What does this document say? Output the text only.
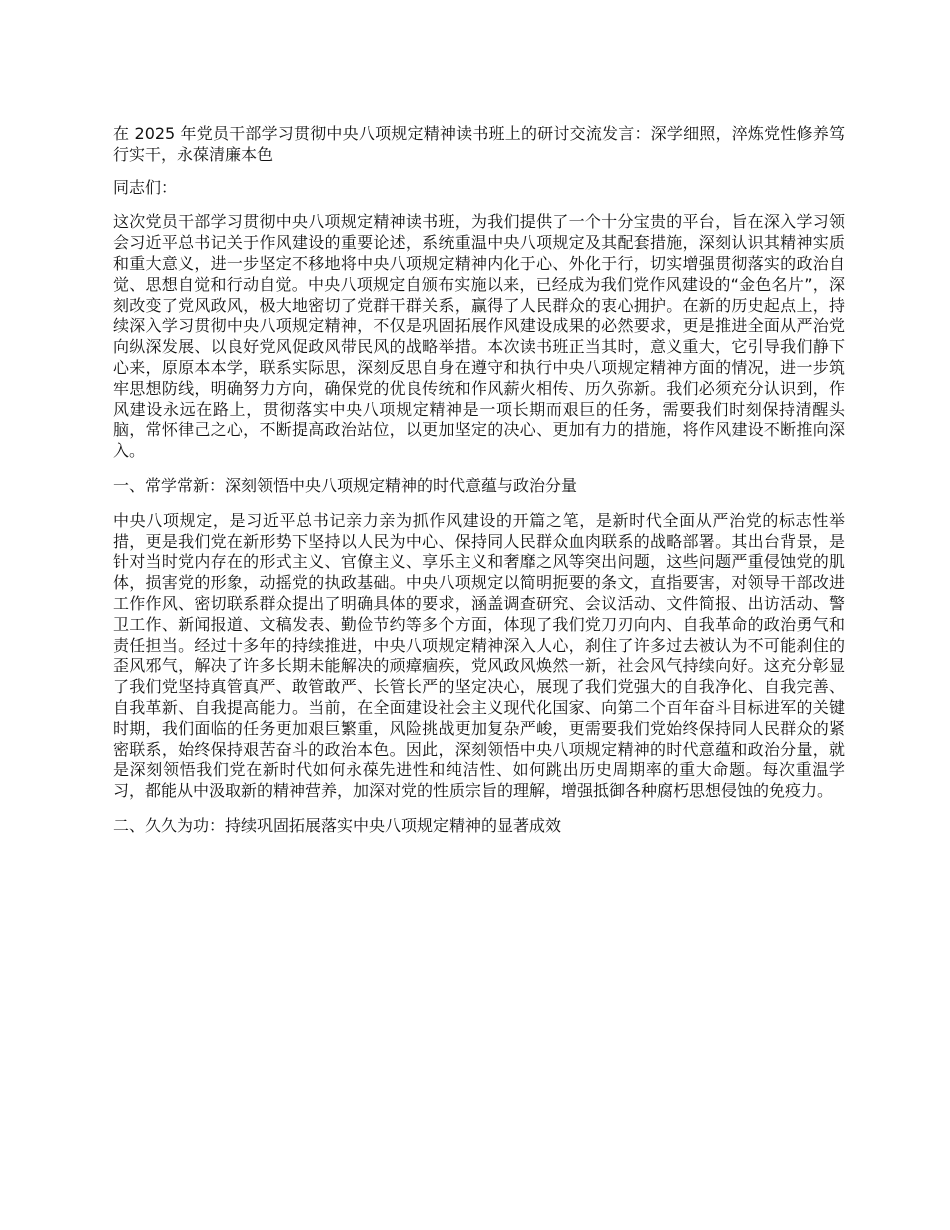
在 2025 年党员干部学习贯彻中央八项规定精神读书班上的研讨交流发言：深学细照，淬炼党性修养笃行实干，永葆清廉本色

同志们：

这次党员干部学习贯彻中央八项规定精神读书班，为我们提供了一个十分宝贵的平台，旨在深入学习领会习近平总书记关于作风建设的重要论述，系统重温中央八项规定及其配套措施，深刻认识其精神实质和重大意义，进一步坚定不移地将中央八项规定精神内化于心、外化于行，切实增强贯彻落实的政治自觉、思想自觉和行动自觉。中央八项规定自颁布实施以来，已经成为我们党作风建设的“金色名片”，深刻改变了党风政风，极大地密切了党群干群关系，赢得了人民群众的衷心拥护。在新的历史起点上，持续深入学习贯彻中央八项规定精神，不仅是巩固拓展作风建设成果的必然要求，更是推进全面从严治党向纵深发展、以良好党风促政风带民风的战略举措。本次读书班正当其时，意义重大，它引导我们静下心来，原原本本学，联系实际思，深刻反思自身在遵守和执行中央八项规定精神方面的情况，进一步筑牢思想防线，明确努力方向，确保党的优良传统和作风薪火相传、历久弥新。我们必须充分认识到，作风建设永远在路上，贯彻落实中央八项规定精神是一项长期而艰巨的任务，需要我们时刻保持清醒头脑，常怀律己之心，不断提高政治站位，以更加坚定的决心、更加有力的措施，将作风建设不断推向深入。

一、常学常新：深刻领悟中央八项规定精神的时代意蕴与政治分量

中央八项规定，是习近平总书记亲力亲为抓作风建设的开篇之笔，是新时代全面从严治党的标志性举措，更是我们党在新形势下坚持以人民为中心、保持同人民群众血肉联系的战略部署。其出台背景，是针对当时党内存在的形式主义、官僚主义、享乐主义和奢靡之风等突出问题，这些问题严重侵蚀党的肌体，损害党的形象，动摇党的执政基础。中央八项规定以简明扼要的条文，直指要害，对领导干部改进工作作风、密切联系群众提出了明确具体的要求，涵盖调查研究、会议活动、文件简报、出访活动、警卫工作、新闻报道、文稿发表、勤俭节约等多个方面，体现了我们党刀刃向内、自我革命的政治勇气和责任担当。经过十多年的持续推进，中央八项规定精神深入人心，刹住了许多过去被认为不可能刹住的歪风邪气，解决了许多长期未能解决的顽瘴痼疾，党风政风焕然一新，社会风气持续向好。这充分彰显了我们党坚持真管真严、敢管敢严、长管长严的坚定决心，展现了我们党强大的自我净化、自我完善、自我革新、自我提高能力。当前，在全面建设社会主义现代化国家、向第二个百年奋斗目标进军的关键时期，我们面临的任务更加艰巨繁重，风险挑战更加复杂严峻，更需要我们党始终保持同人民群众的紧密联系，始终保持艰苦奋斗的政治本色。因此，深刻领悟中央八项规定精神的时代意蕴和政治分量，就是深刻领悟我们党在新时代如何永葆先进性和纯洁性、如何跳出历史周期率的重大命题。每次重温学习，都能从中汲取新的精神营养，加深对党的性质宗旨的理解，增强抵御各种腐朽思想侵蚀的免疫力。

二、久久为功：持续巩固拓展落实中央八项规定精神的显著成效
